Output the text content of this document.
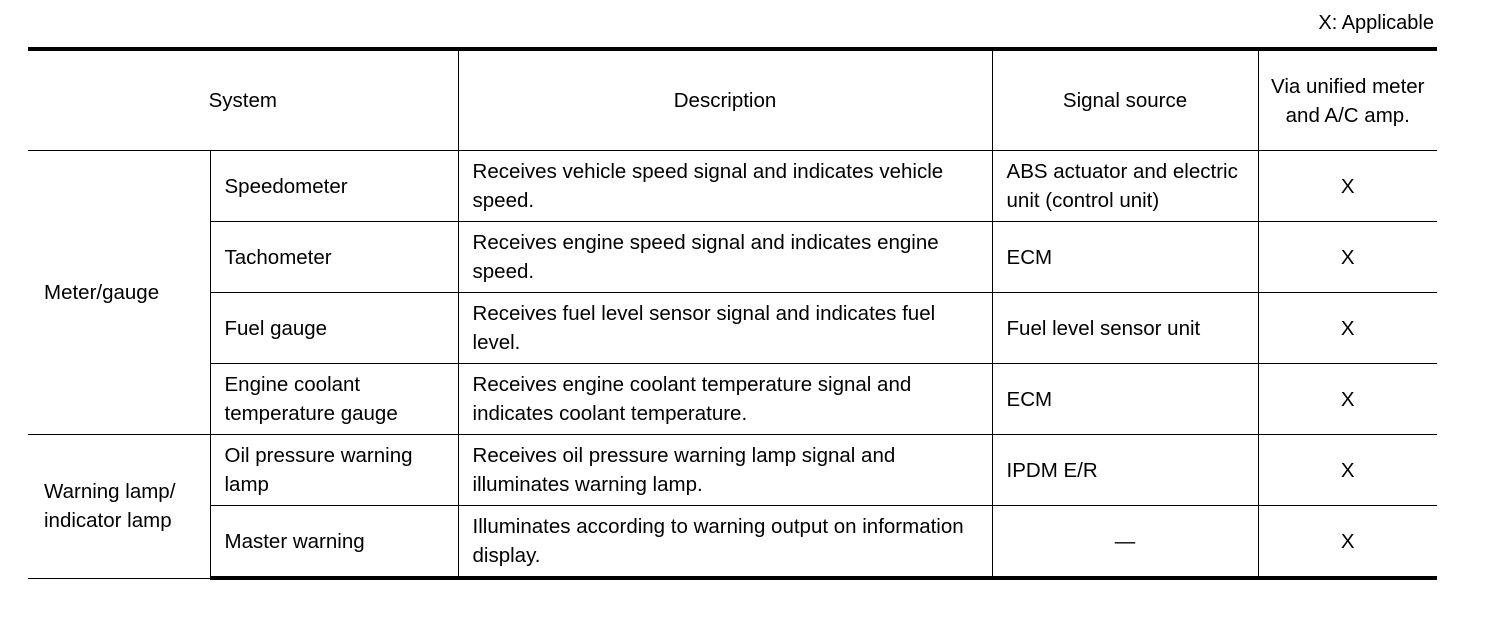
X: Applicable
System		Description	Signal source	Via unified meter and A/C amp.
Meter/gauge	Speedometer	Receives vehicle speed signal and indicates vehicle speed.	ABS actuator and electric unit (control unit)	X
	Tachometer	Receives engine speed signal and indicates engine speed.	ECM	X
	Fuel gauge	Receives fuel level sensor signal and indicates fuel level.	Fuel level sensor unit	X
	Engine coolant temperature gauge	Receives engine coolant temperature signal and indicates coolant temperature.	ECM	X
Warning lamp/ indicator lamp	Oil pressure warning lamp	Receives oil pressure warning lamp signal and illuminates warning lamp.	IPDM E/R	X
	Master warning	Illuminates according to warning output on information display.	—	X
